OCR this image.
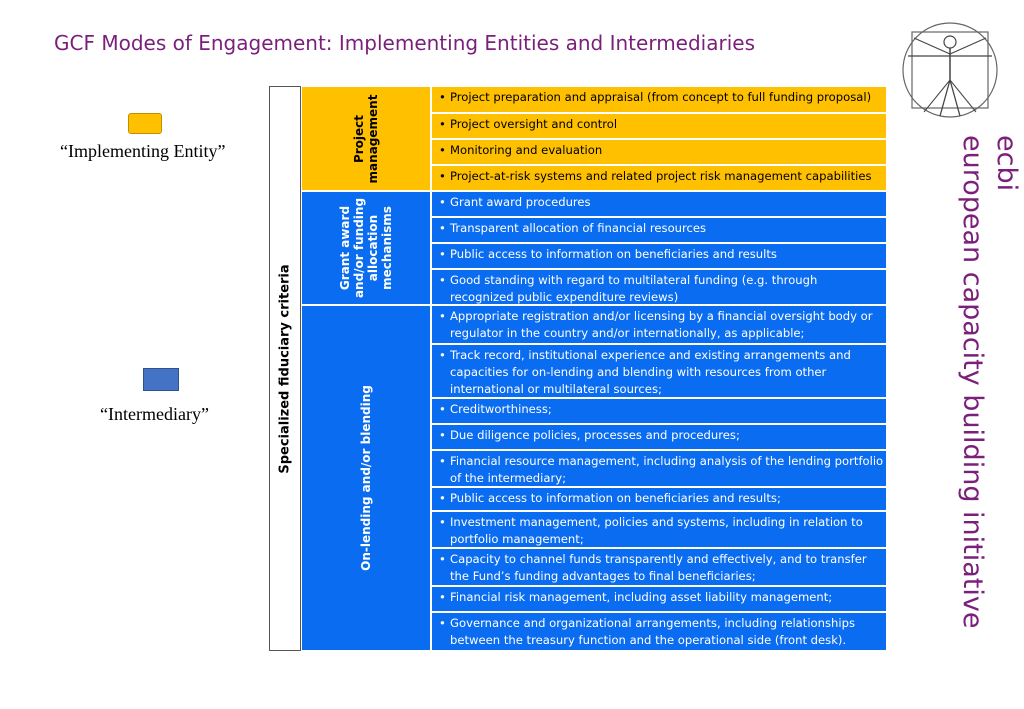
GCF Modes of Engagement: Implementing Entities and Intermediaries
“Implementing Entity”
“Intermediary”
ecbi
european capacity building initiative
Specialized fiduciary criteria
Project management
Grant award and/or funding allocation mechanisms
On-lending and/or blending
• Project preparation and appraisal (from concept to full funding proposal)
• Project oversight and control
• Monitoring and evaluation
• Project-at-risk systems and related project risk management capabilities
• Grant award procedures
• Transparent allocation of financial resources
• Public access to information on beneficiaries and results
• Good standing with regard to multilateral funding (e.g. through recognized public expenditure reviews)
• Appropriate registration and/or licensing by a financial oversight body or regulator in the country and/or internationally, as applicable;
• Track record, institutional experience and existing arrangements and capacities for on-lending and blending with resources from other international or multilateral sources;
• Creditworthiness;
• Due diligence policies, processes and procedures;
• Financial resource management, including analysis of the lending portfolio of the intermediary;
• Public access to information on beneficiaries and results;
• Investment management, policies and systems, including in relation to portfolio management;
• Capacity to channel funds transparently and effectively, and to transfer the Fund’s funding advantages to final beneficiaries;
• Financial risk management, including asset liability management;
• Governance and organizational arrangements, including relationships between the treasury function and the operational side (front desk).
